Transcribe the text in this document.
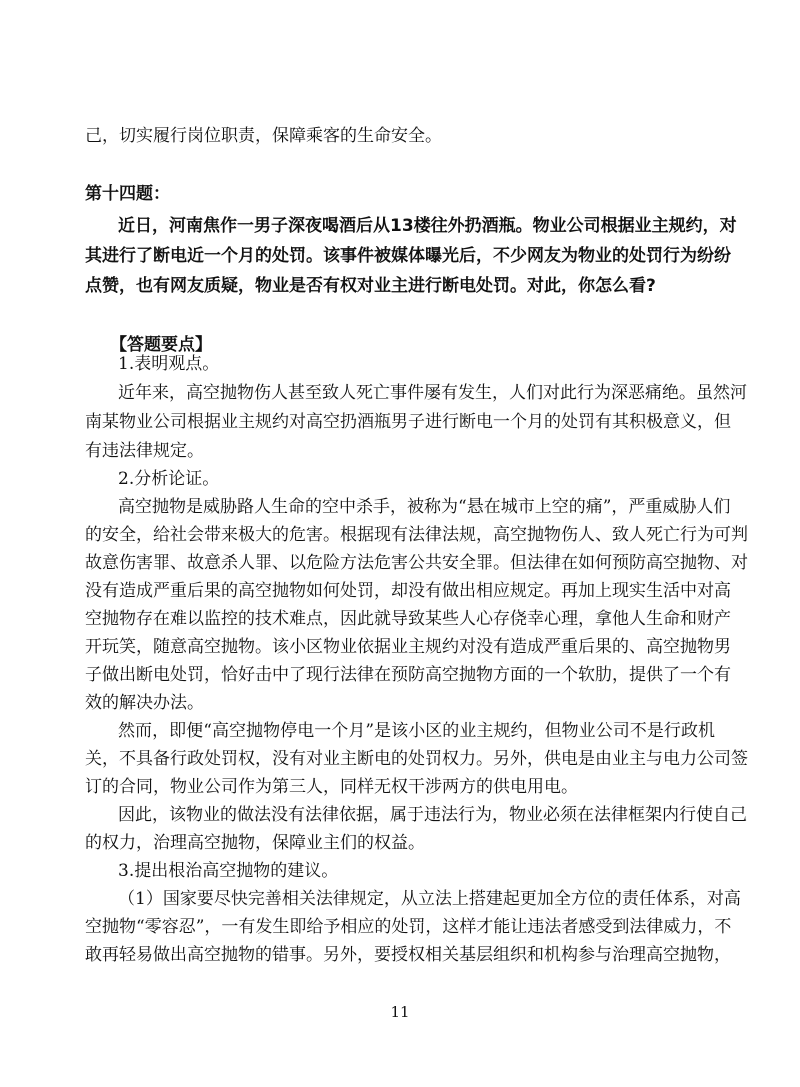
己，切实履行岗位职责，保障乘客的生命安全。
第十四题：
近日，河南焦作一男子深夜喝酒后从13楼往外扔酒瓶。物业公司根据业主规约，对
其进行了断电近一个月的处罚。该事件被媒体曝光后，不少网友为物业的处罚行为纷纷
点赞，也有网友质疑，物业是否有权对业主进行断电处罚。对此，你怎么看?
【答题要点】
1.表明观点。
近年来，高空抛物伤人甚至致人死亡事件屡有发生，人们对此行为深恶痛绝。虽然河
南某物业公司根据业主规约对高空扔酒瓶男子进行断电一个月的处罚有其积极意义，但
有违法律规定。
2.分析论证。
高空抛物是威胁路人生命的空中杀手，被称为“悬在城市上空的痛”，严重威胁人们
的安全，给社会带来极大的危害。根据现有法律法规，高空抛物伤人、致人死亡行为可判
故意伤害罪、故意杀人罪、以危险方法危害公共安全罪。但法律在如何预防高空抛物、对
没有造成严重后果的高空抛物如何处罚，却没有做出相应规定。再加上现实生活中对高
空抛物存在难以监控的技术难点，因此就导致某些人心存侥幸心理，拿他人生命和财产
开玩笑，随意高空抛物。该小区物业依据业主规约对没有造成严重后果的、高空抛物男
子做出断电处罚，恰好击中了现行法律在预防高空抛物方面的一个软肋，提供了一个有
效的解决办法。
然而，即便“高空抛物停电一个月”是该小区的业主规约，但物业公司不是行政机
关，不具备行政处罚权，没有对业主断电的处罚权力。另外，供电是由业主与电力公司签
订的合同，物业公司作为第三人，同样无权干涉两方的供电用电。
因此，该物业的做法没有法律依据，属于违法行为，物业必须在法律框架内行使自己
的权力，治理高空抛物，保障业主们的权益。
3.提出根治高空抛物的建议。
（1）国家要尽快完善相关法律规定，从立法上搭建起更加全方位的责任体系，对高
空抛物“零容忍”，一有发生即给予相应的处罚，这样才能让违法者感受到法律威力，不
敢再轻易做出高空抛物的错事。另外，要授权相关基层组织和机构参与治理高空抛物，
11
